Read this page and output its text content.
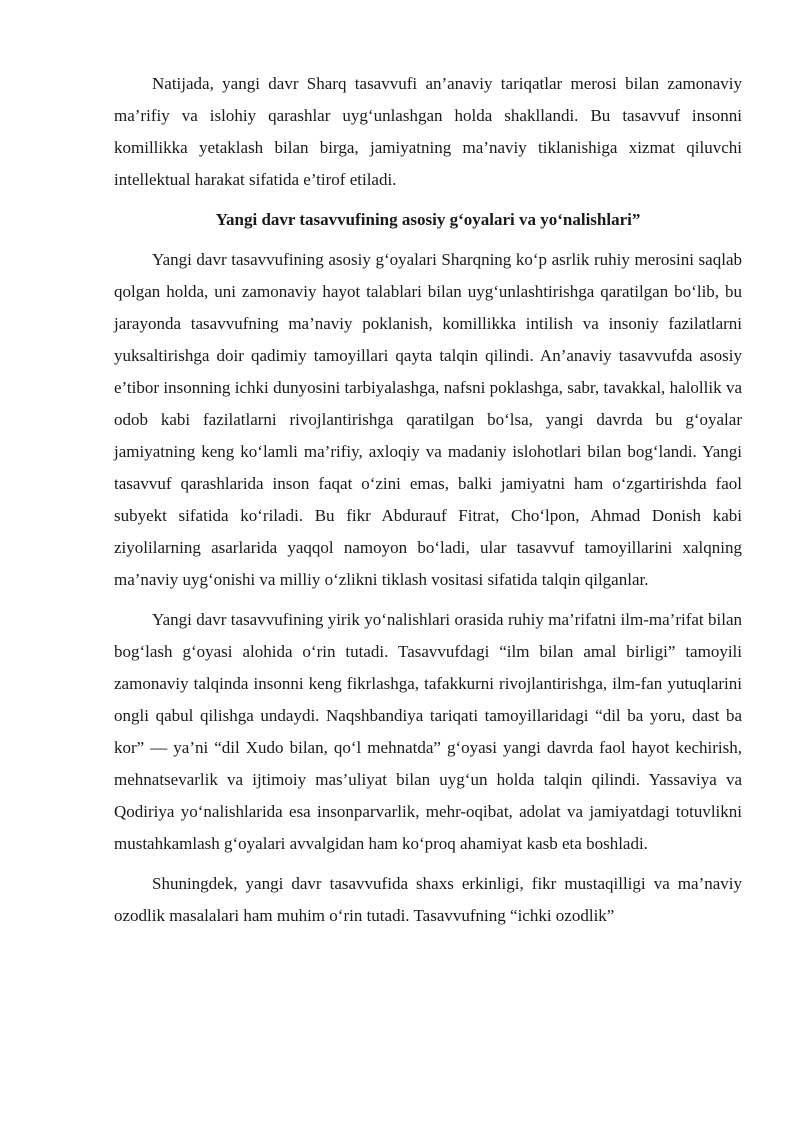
Natijada, yangi davr Sharq tasavvufi an’anaviy tariqatlar merosi bilan zamonaviy ma’rifiy va islohiy qarashlar uyg‘unlashgan holda shakllandi. Bu tasavvuf insonni komillikka yetaklash bilan birga, jamiyatning ma’naviy tiklanishiga xizmat qiluvchi intellektual harakat sifatida e’tirof etiladi.

Yangi davr tasavvufining asosiy g‘oyalari va yo‘nalishlari”

Yangi davr tasavvufining asosiy g‘oyalari Sharqning ko‘p asrlik ruhiy merosini saqlab qolgan holda, uni zamonaviy hayot talablari bilan uyg‘unlashtirishga qaratilgan bo‘lib, bu jarayonda tasavvufning ma’naviy poklanish, komillikka intilish va insoniy fazilatlarni yuksaltirishga doir qadimiy tamoyillari qayta talqin qilindi. An’anaviy tasavvufda asosiy e’tibor insonning ichki dunyosini tarbiyalashga, nafsni poklashga, sabr, tavakkal, halollik va odob kabi fazilatlarni rivojlantirishga qaratilgan bo‘lsa, yangi davrda bu g‘oyalar jamiyatning keng ko‘lamli ma’rifiy, axloqiy va madaniy islohotlari bilan bog‘landi. Yangi tasavvuf qarashlarida inson faqat o‘zini emas, balki jamiyatni ham o‘zgartirishda faol subyekt sifatida ko‘riladi. Bu fikr Abdurauf Fitrat, Cho‘lpon, Ahmad Donish kabi ziyolilarning asarlarida yaqqol namoyon bo‘ladi, ular tasavvuf tamoyillarini xalqning ma’naviy uyg‘onishi va milliy o‘zlikni tiklash vositasi sifatida talqin qilganlar.

Yangi davr tasavvufining yirik yo‘nalishlari orasida ruhiy ma’rifatni ilm-ma’rifat bilan bog‘lash g‘oyasi alohida o‘rin tutadi. Tasavvufdagi “ilm bilan amal birligi” tamoyili zamonaviy talqinda insonni keng fikrlashga, tafakkurni rivojlantirishga, ilm-fan yutuqlarini ongli qabul qilishga undaydi. Naqshbandiya tariqati tamoyillaridagi “dil ba yoru, dast ba kor” — ya’ni “dil Xudo bilan, qo‘l mehnatda” g‘oyasi yangi davrda faol hayot kechirish, mehnatsevarlik va ijtimoiy mas’uliyat bilan uyg‘un holda talqin qilindi. Yassaviya va Qodiriya yo‘nalishlarida esa insonparvarlik, mehr-oqibat, adolat va jamiyatdagi totuvlikni mustahkamlash g‘oyalari avvalgidan ham ko‘proq ahamiyat kasb eta boshladi.

Shuningdek, yangi davr tasavvufida shaxs erkinligi, fikr mustaqilligi va ma’naviy ozodlik masalalari ham muhim o‘rin tutadi. Tasavvufning “ichki ozodlik”
